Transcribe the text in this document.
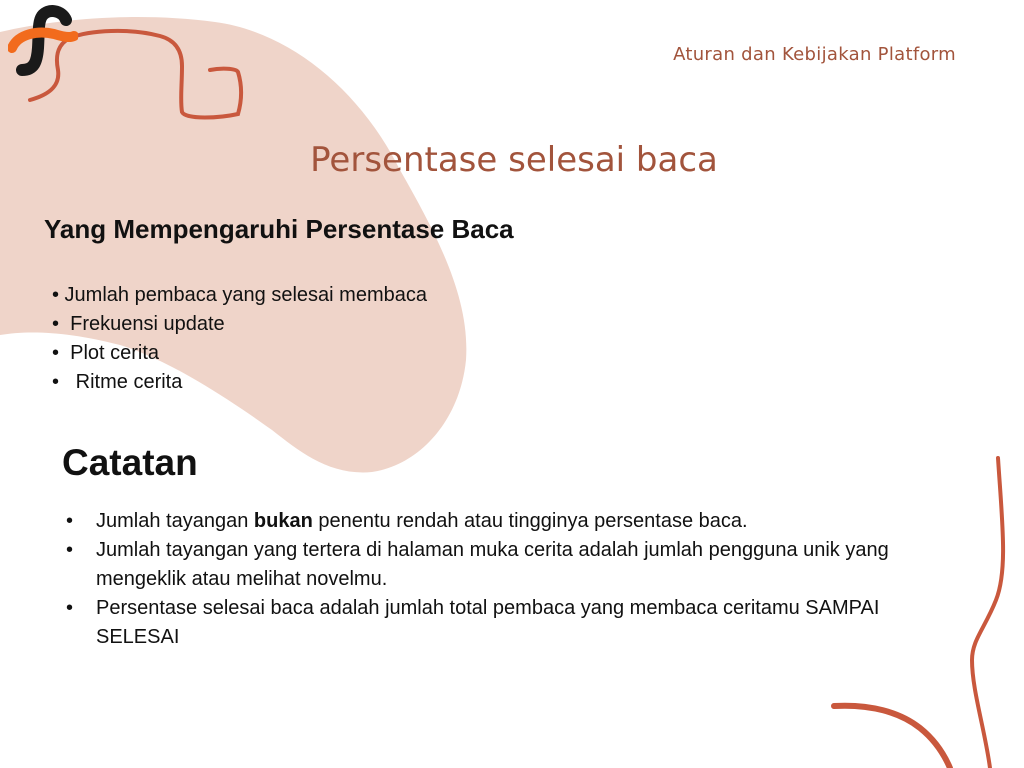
Aturan dan Kebijakan Platform
Persentase selesai baca
Yang Mempengaruhi Persentase Baca
• Jumlah pembaca yang selesai membaca
•  Frekuensi update
•  Plot cerita
•   Ritme cerita
Catatan
• Jumlah tayangan bukan penentu rendah atau tingginya persentase baca.
• Jumlah tayangan yang tertera di halaman muka cerita adalah jumlah pengguna unik yang mengeklik atau melihat novelmu.
• Persentase selesai baca adalah jumlah total pembaca yang membaca ceritamu SAMPAI SELESAI
